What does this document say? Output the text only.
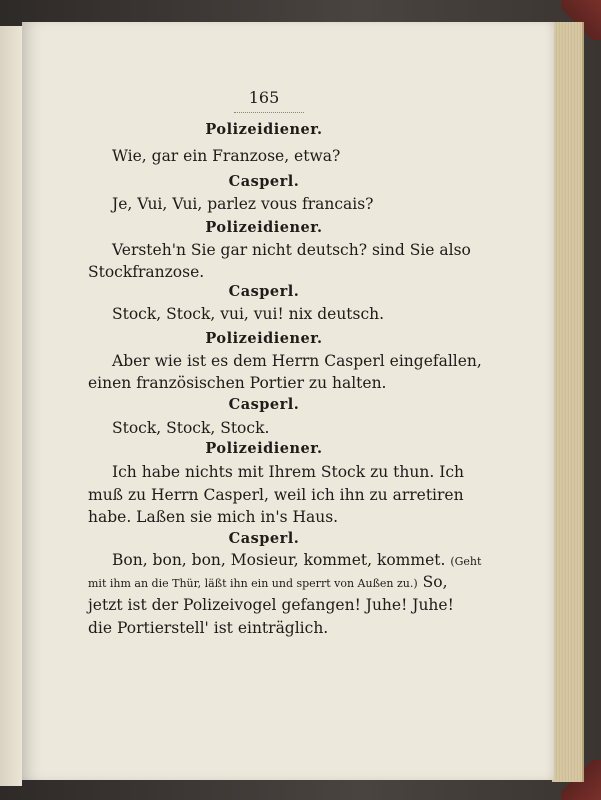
165
Polizeidiener.
Wie, gar ein Franzose, etwa?
Casperl.
Je, Vui, Vui, parlez vous francais?
Polizeidiener.
Versteh'n Sie gar nicht deutsch? sind Sie also
Stockfranzose.
Casperl.
Stock, Stock, vui, vui! nix deutsch.
Polizeidiener.
Aber wie ist es dem Herrn Casperl eingefallen,
einen französischen Portier zu halten.
Casperl.
Stock, Stock, Stock.
Polizeidiener.
Ich habe nichts mit Ihrem Stock zu thun. Ich
muß zu Herrn Casperl, weil ich ihn zu arretiren
habe. Laßen sie mich in's Haus.
Casperl.
Bon, bon, bon, Mosieur, kommet, kommet. (Geht
mit ihm an die Thür, läßt ihn ein und sperrt von Außen zu.) So,
jetzt ist der Polizeivogel gefangen! Juhe! Juhe!
die Portierstell' ist einträglich.
